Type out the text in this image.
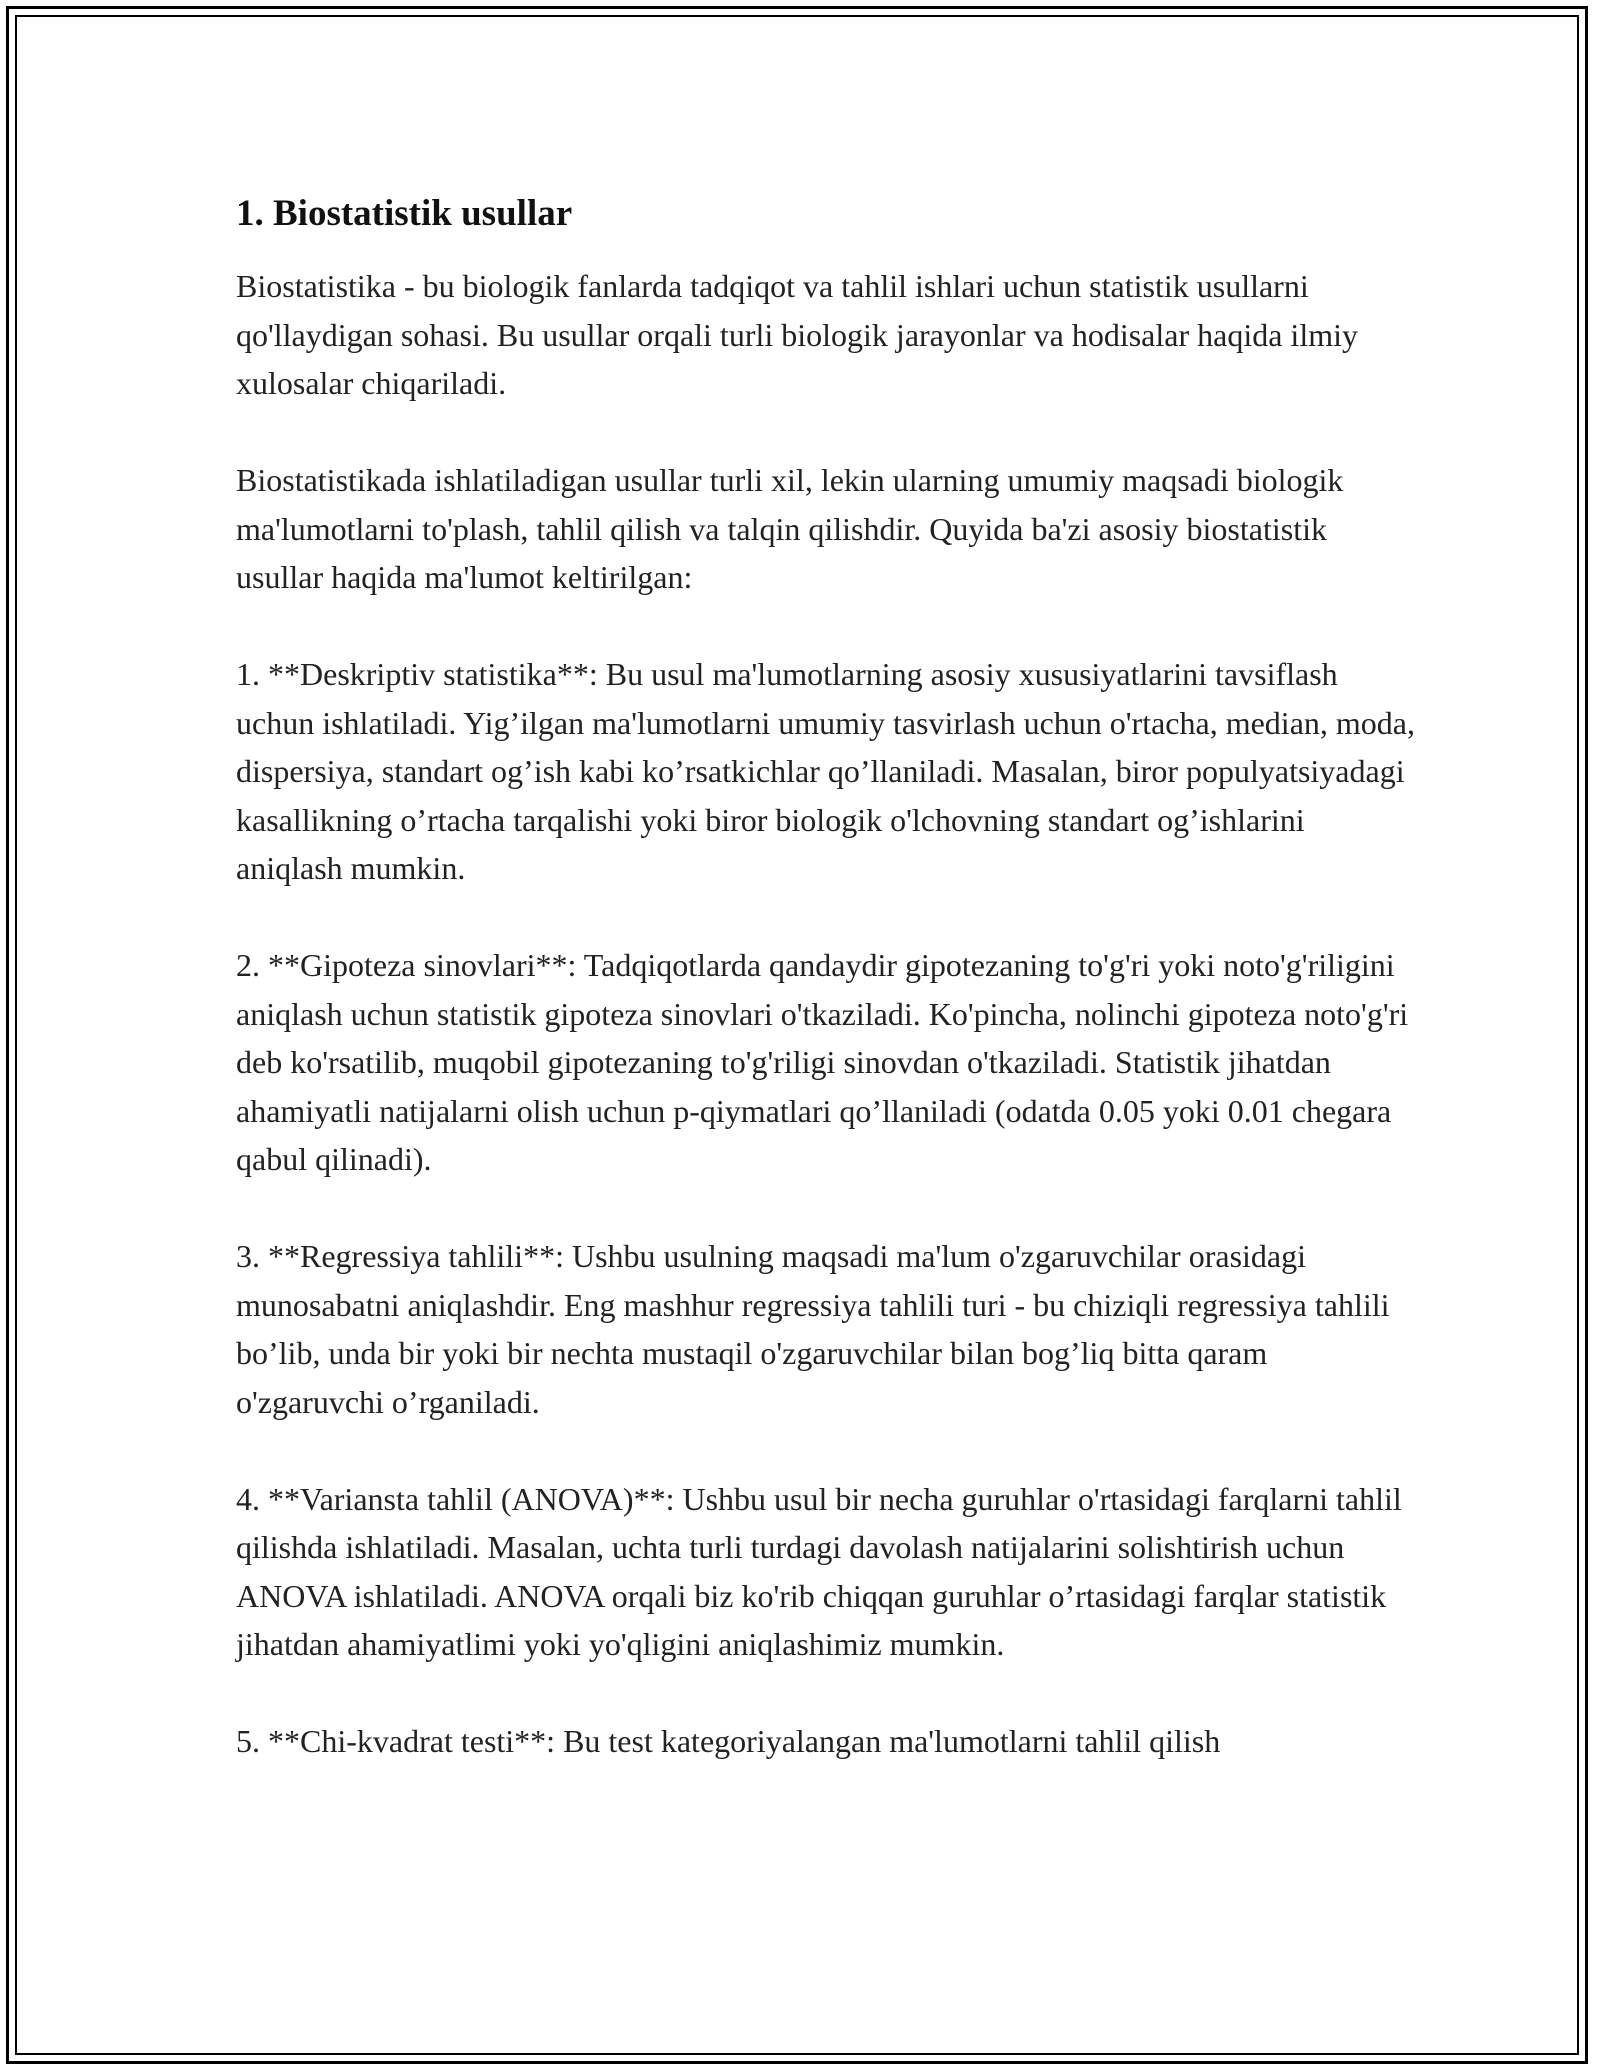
1. Biostatistik usullar

Biostatistika - bu biologik fanlarda tadqiqot va tahlil ishlari uchun statistik usullarni qo'llaydigan sohasi. Bu usullar orqali turli biologik jarayonlar va hodisalar haqida ilmiy xulosalar chiqariladi.

Biostatistikada ishlatiladigan usullar turli xil, lekin ularning umumiy maqsadi biologik ma'lumotlarni to'plash, tahlil qilish va talqin qilishdir. Quyida ba'zi asosiy biostatistik usullar haqida ma'lumot keltirilgan:

1. **Deskriptiv statistika**: Bu usul ma'lumotlarning asosiy xususiyatlarini tavsiflash uchun ishlatiladi. Yig’ilgan ma'lumotlarni umumiy tasvirlash uchun o'rtacha, median, moda, dispersiya, standart og’ish kabi ko’rsatkichlar qo’llaniladi. Masalan, biror populyatsiyadagi kasallikning o’rtacha tarqalishi yoki biror biologik o'lchovning standart og’ishlarini aniqlash mumkin.

2. **Gipoteza sinovlari**: Tadqiqotlarda qandaydir gipotezaning to'g'ri yoki noto'g'riligini aniqlash uchun statistik gipoteza sinovlari o'tkaziladi. Ko'pincha, nolinchi gipoteza noto'g'ri deb ko'rsatilib, muqobil gipotezaning to'g'riligi sinovdan o'tkaziladi. Statistik jihatdan ahamiyatli natijalarni olish uchun p-qiymatlari qo’llaniladi (odatda 0.05 yoki 0.01 chegara qabul qilinadi).

3. **Regressiya tahlili**: Ushbu usulning maqsadi ma'lum o'zgaruvchilar orasidagi munosabatni aniqlashdir. Eng mashhur regressiya tahlili turi - bu chiziqli regressiya tahlili bo’lib, unda bir yoki bir nechta mustaqil o'zgaruvchilar bilan bog’liq bitta qaram o'zgaruvchi o’rganiladi.

4. **Variansta tahlil (ANOVA)**: Ushbu usul bir necha guruhlar o'rtasidagi farqlarni tahlil qilishda ishlatiladi. Masalan, uchta turli turdagi davolash natijalarini solishtirish uchun ANOVA ishlatiladi. ANOVA orqali biz ko'rib chiqqan guruhlar o’rtasidagi farqlar statistik jihatdan ahamiyatlimi yoki yo'qligini aniqlashimiz mumkin.

5. **Chi-kvadrat testi**: Bu test kategoriyalangan ma'lumotlarni tahlil qilish
